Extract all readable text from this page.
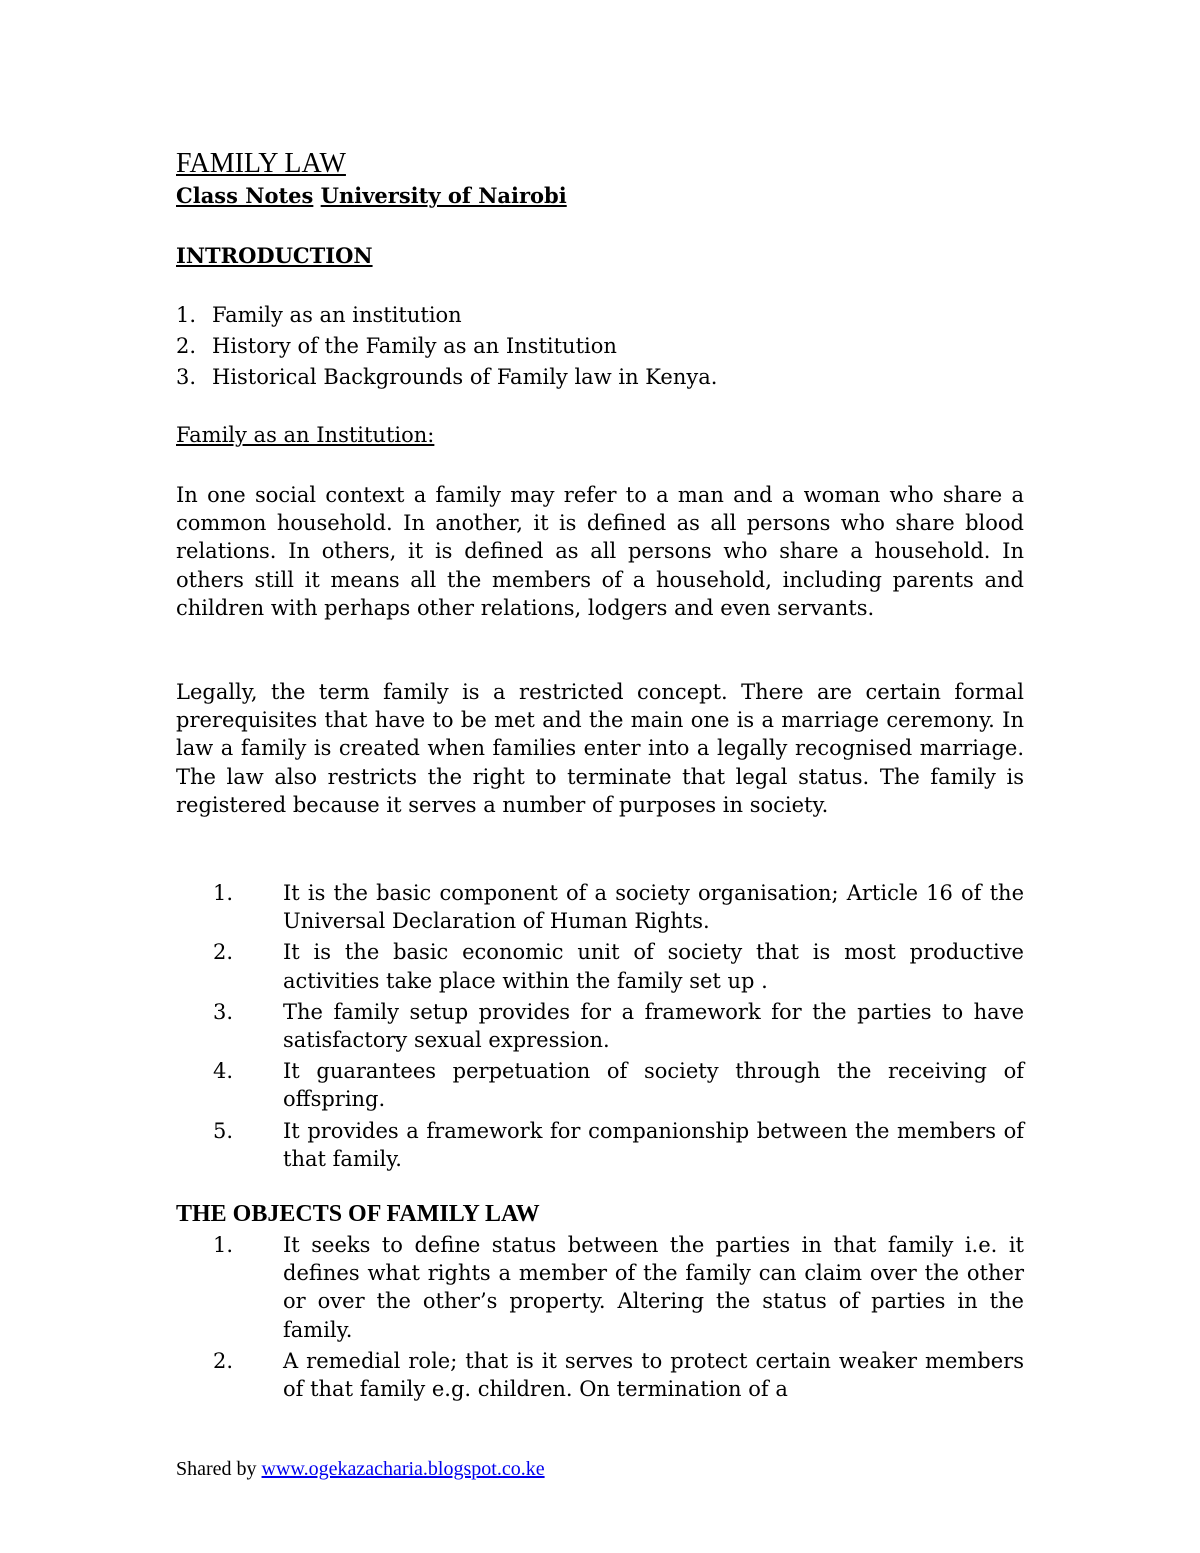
FAMILY LAW

Class Notes University of Nairobi

INTRODUCTION
1. Family as an institution
2. History of the Family as an Institution
3. Historical Backgrounds of Family law in Kenya.
Family as an Institution:

In one social context a family may refer to a man and a woman who share a common household. In another, it is defined as all persons who share blood relations. In others, it is defined as all persons who share a household. In others still it means all the members of a household, including parents and children with perhaps other relations, lodgers and even servants.

Legally, the term family is a restricted concept. There are certain formal prerequisites that have to be met and the main one is a marriage ceremony. In law a family is created when families enter into a legally recognised marriage. The law also restricts the right to terminate that legal status. The family is registered because it serves a number of purposes in society.

1.	It is the basic component of a society organisation; Article 16 of the Universal Declaration of Human Rights.
2.	It is the basic economic unit of society that is most productive activities take place within the family set up .
3.	The family setup provides for a framework for the parties to have satisfactory sexual expression.
4.	It guarantees perpetuation of society through the receiving of offspring.
5.	It provides a framework for companionship between the members of that family.
THE OBJECTS OF FAMILY LAW
1.	It seeks to define status between the parties in that family i.e. it defines what rights a member of the family can claim over the other or over the other’s property. Altering the status of parties in the family.
2.	A remedial role; that is it serves to protect certain weaker members of that family e.g. children. On termination of a

Shared by www.ogekazacharia.blogspot.co.ke
